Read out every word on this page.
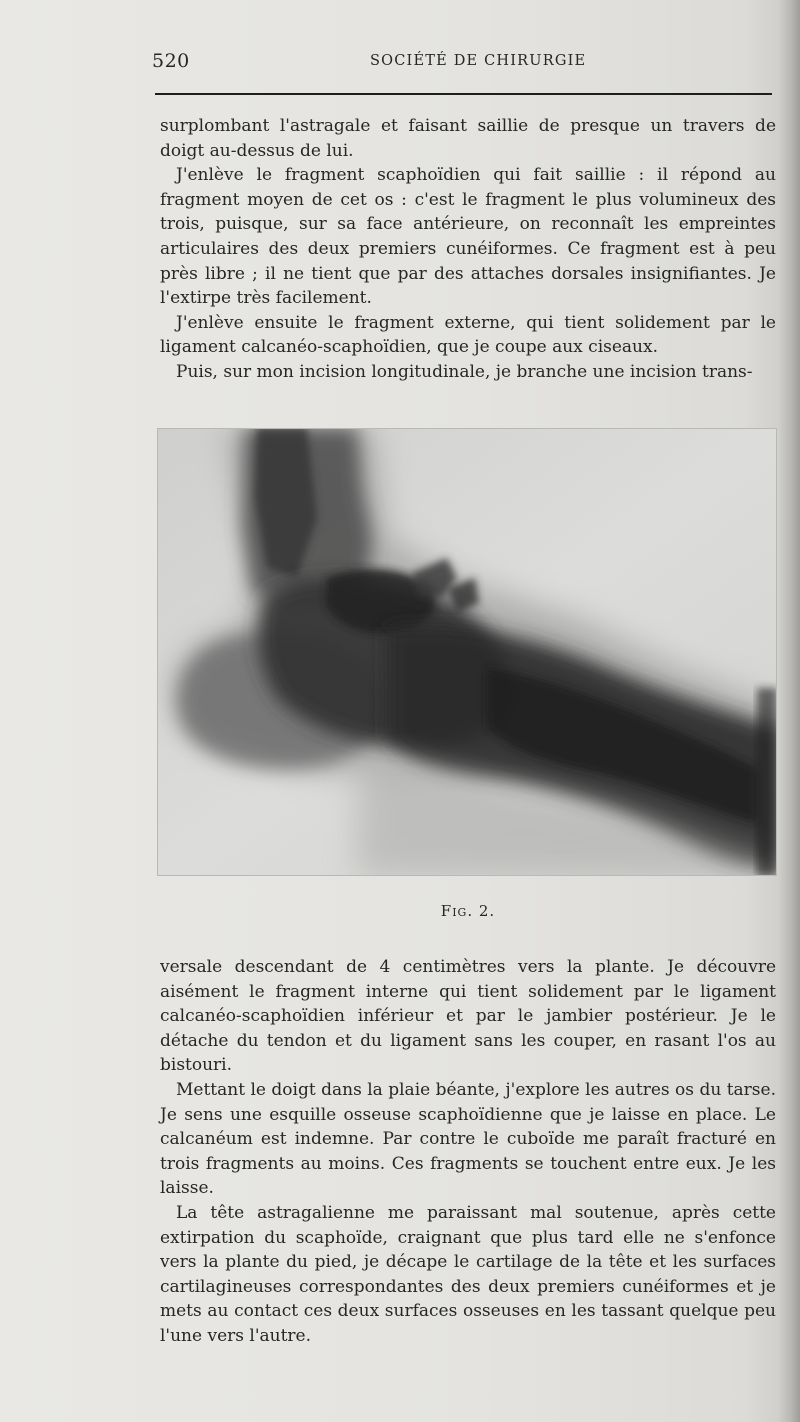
520	SOCIÉTÉ DE CHIRURGIE

surplombant l'astragale et faisant saillie de presque un travers de doigt au-dessus de lui.

J'enlève le fragment scaphoïdien qui fait saillie : il répond au fragment moyen de cet os : c'est le fragment le plus volumineux des trois, puisque, sur sa face antérieure, on reconnaît les empreintes articulaires des deux premiers cunéiformes. Ce fragment est à peu près libre ; il ne tient que par des attaches dorsales insignifiantes. Je l'extirpe très facilement.

J'enlève ensuite le fragment externe, qui tient solidement par le ligament calcanéo-scaphoïdien, que je coupe aux ciseaux.

Puis, sur mon incision longitudinale, je branche une incision trans-

Fig. 2.

versale descendant de 4 centimètres vers la plante. Je découvre aisément le fragment interne qui tient solidement par le ligament calcanéo-scaphoïdien inférieur et par le jambier postérieur. Je le détache du tendon et du ligament sans les couper, en rasant l'os au bistouri.

Mettant le doigt dans la plaie béante, j'explore les autres os du tarse. Je sens une esquille osseuse scaphoïdienne que je laisse en place. Le calcanéum est indemne. Par contre le cuboïde me paraît fracturé en trois fragments au moins. Ces fragments se touchent entre eux. Je les laisse.

La tête astragalienne me paraissant mal soutenue, après cette extirpation du scaphoïde, craignant que plus tard elle ne s'enfonce vers la plante du pied, je décape le cartilage de la tête et les surfaces cartilagineuses correspondantes des deux premiers cunéiformes et je mets au contact ces deux surfaces osseuses en les tassant quelque peu l'une vers l'autre.
